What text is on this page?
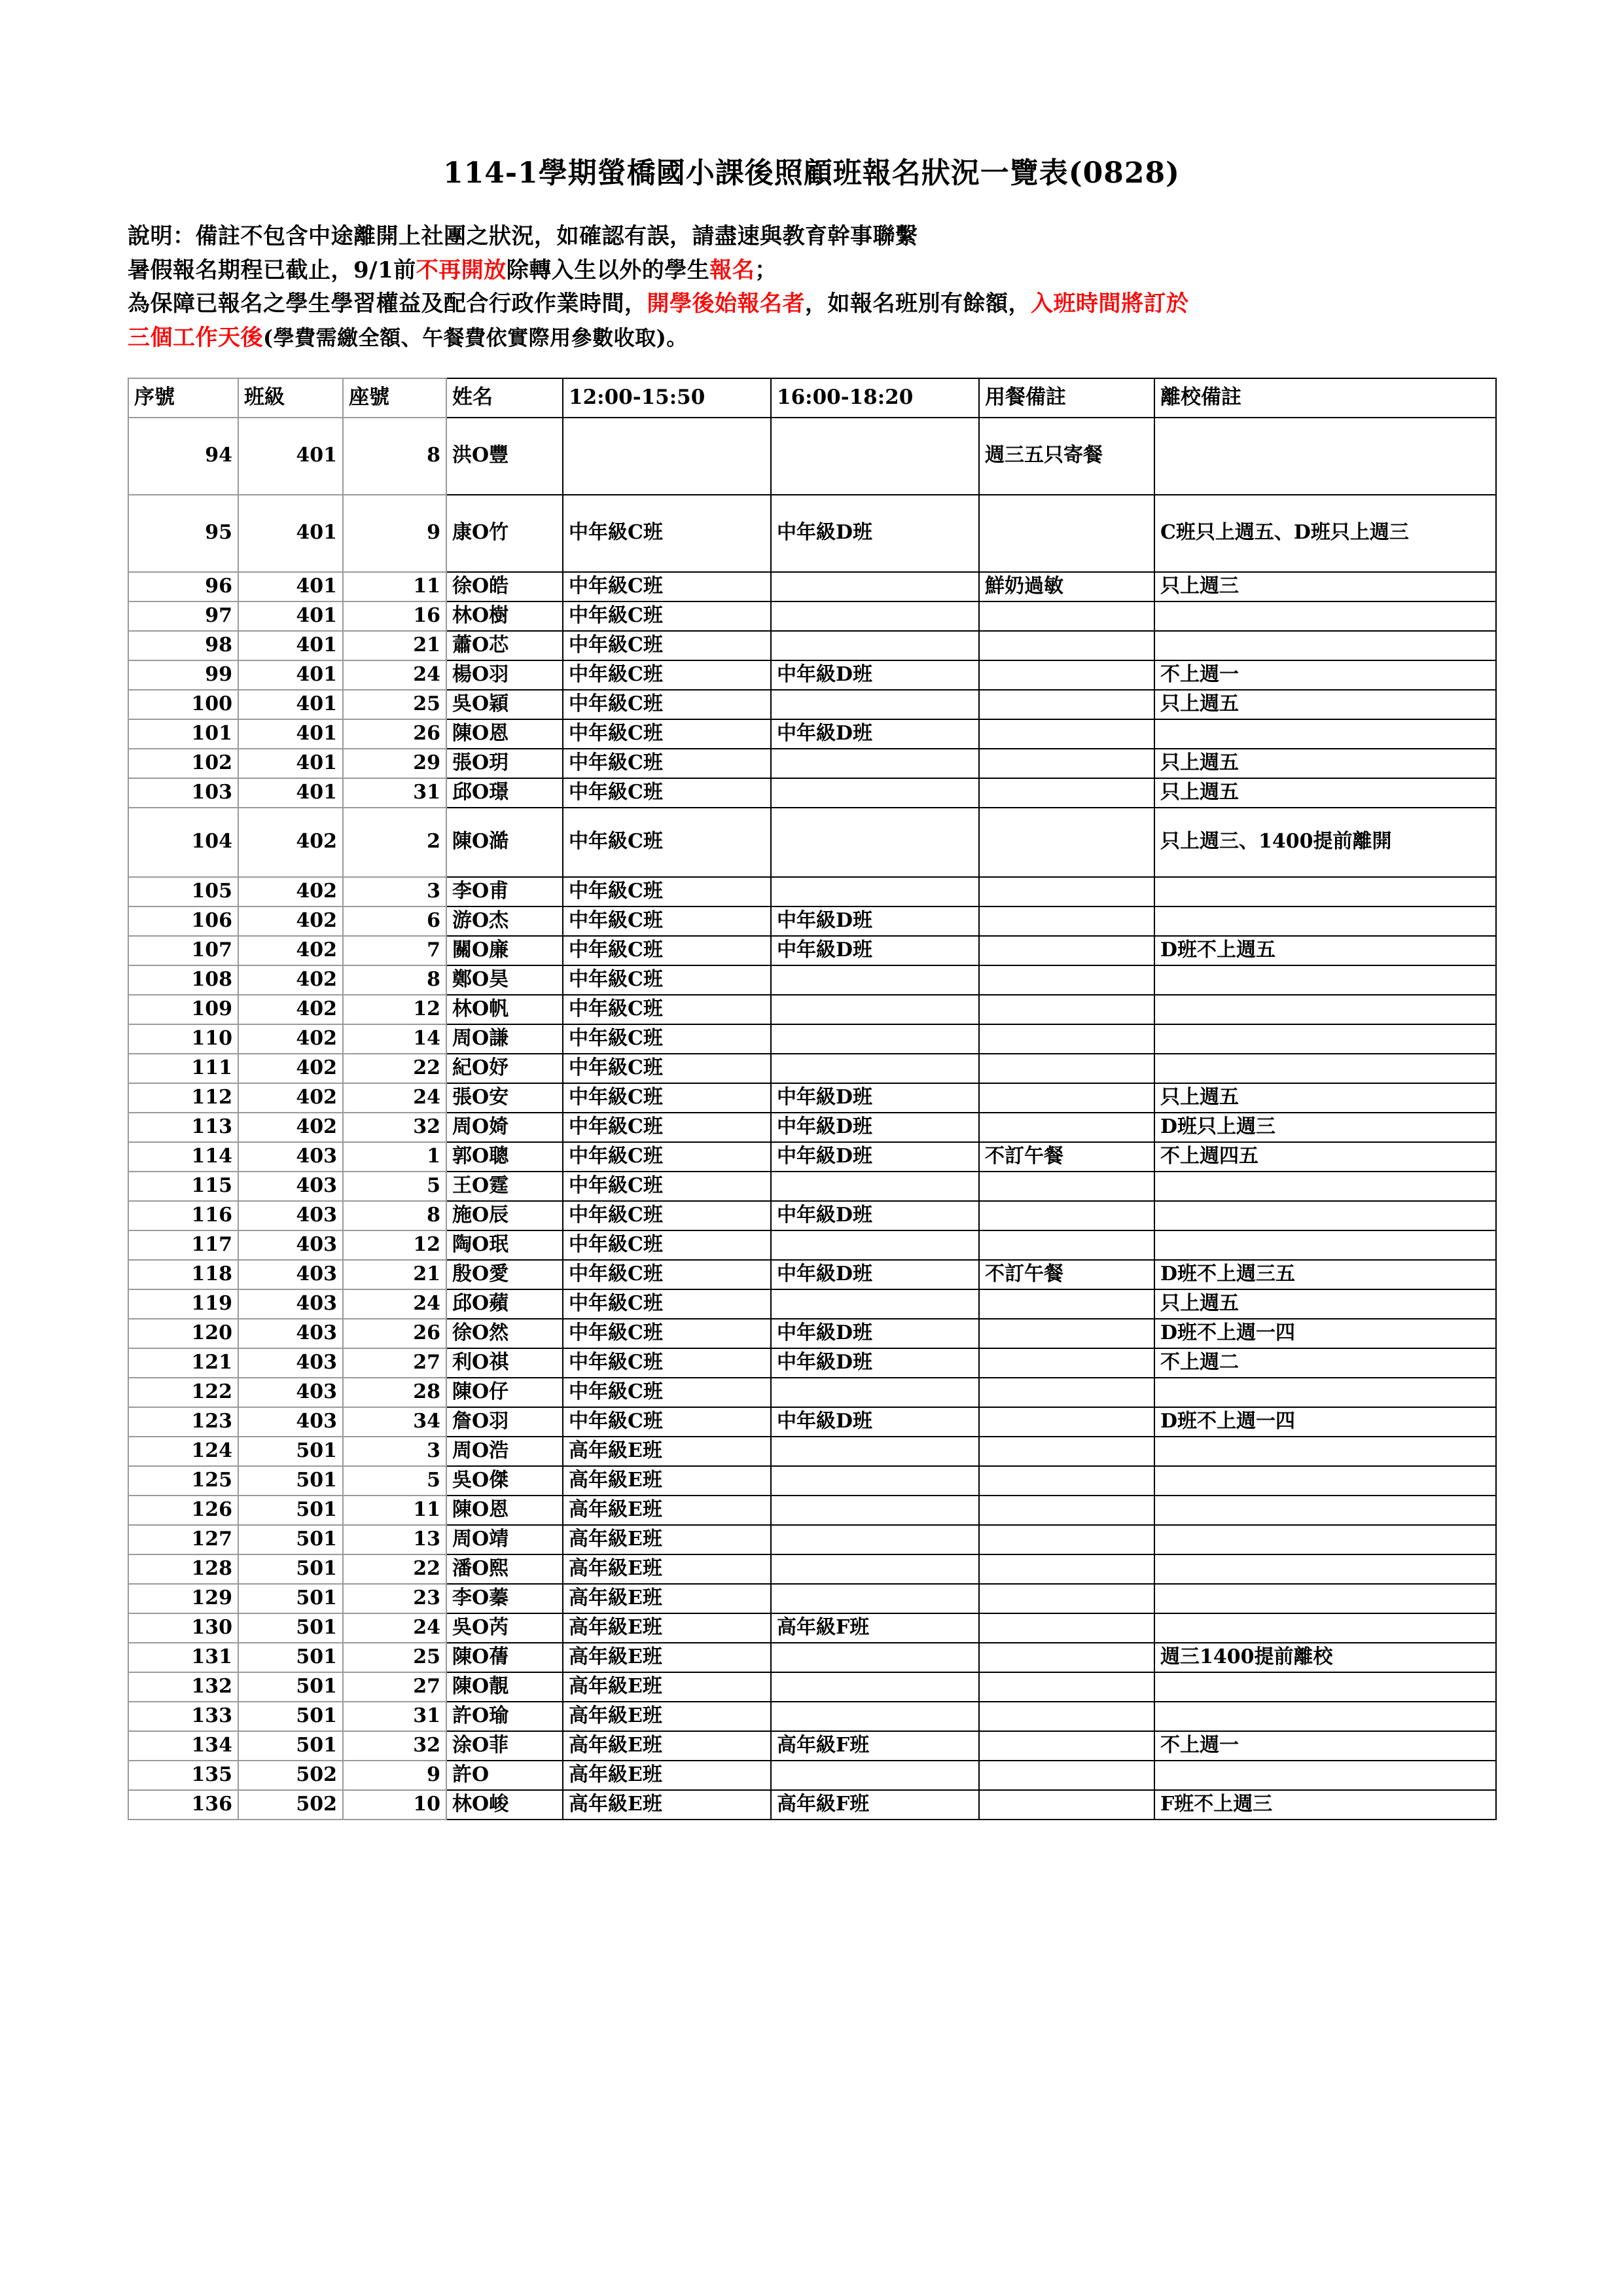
114-1學期螢橋國小課後照顧班報名狀況一覽表(0828)
說明：備註不包含中途離開上社團之狀況，如確認有誤，請盡速與教育幹事聯繫
暑假報名期程已截止，9/1前不再開放除轉入生以外的學生報名；
為保障已報名之學生學習權益及配合行政作業時間，開學後始報名者，如報名班別有餘額，入班時間將訂於
三個工作天後(學費需繳全額、午餐費依實際用參數收取)。
序號	班級	座號	姓名	12:00-15:50	16:00-18:20	用餐備註	離校備註
94	401	8	洪O豐			週三五只寄餐	
95	401	9	康O竹	中年級C班	中年級D班		C班只上週五、D班只上週三
96	401	11	徐O皓	中年級C班		鮮奶過敏	只上週三
97	401	16	林O樹	中年級C班			
98	401	21	蕭O芯	中年級C班			
99	401	24	楊O羽	中年級C班	中年級D班		不上週一
100	401	25	吳O穎	中年級C班			只上週五
101	401	26	陳O恩	中年級C班	中年級D班		
102	401	29	張O玥	中年級C班			只上週五
103	401	31	邱O璟	中年級C班			只上週五
104	402	2	陳O澔	中年級C班			只上週三、1400提前離開
105	402	3	李O甫	中年級C班			
106	402	6	游O杰	中年級C班	中年級D班		
107	402	7	關O廉	中年級C班	中年級D班		D班不上週五
108	402	8	鄭O昊	中年級C班			
109	402	12	林O帆	中年級C班			
110	402	14	周O謙	中年級C班			
111	402	22	紀O妤	中年級C班			
112	402	24	張O安	中年級C班	中年級D班		只上週五
113	402	32	周O婍	中年級C班	中年級D班		D班只上週三
114	403	1	郭O聰	中年級C班	中年級D班	不訂午餐	不上週四五
115	403	5	王O霆	中年級C班			
116	403	8	施O辰	中年級C班	中年級D班		
117	403	12	陶O珉	中年級C班			
118	403	21	殷O愛	中年級C班	中年級D班	不訂午餐	D班不上週三五
119	403	24	邱O蘋	中年級C班			只上週五
120	403	26	徐O然	中年級C班	中年級D班		D班不上週一四
121	403	27	利O祺	中年級C班	中年級D班		不上週二
122	403	28	陳O仔	中年級C班			
123	403	34	詹O羽	中年級C班	中年級D班		D班不上週一四
124	501	3	周O浩	高年級E班			
125	501	5	吳O傑	高年級E班			
126	501	11	陳O恩	高年級E班			
127	501	13	周O靖	高年級E班			
128	501	22	潘O熙	高年級E班			
129	501	23	李O蓁	高年級E班			
130	501	24	吳O芮	高年級E班	高年級F班		
131	501	25	陳O蒨	高年級E班			週三1400提前離校
132	501	27	陳O靚	高年級E班			
133	501	31	許O瑜	高年級E班			
134	501	32	涂O菲	高年級E班	高年級F班		不上週一
135	502	9	許O	高年級E班			
136	502	10	林O峻	高年級E班	高年級F班		F班不上週三
